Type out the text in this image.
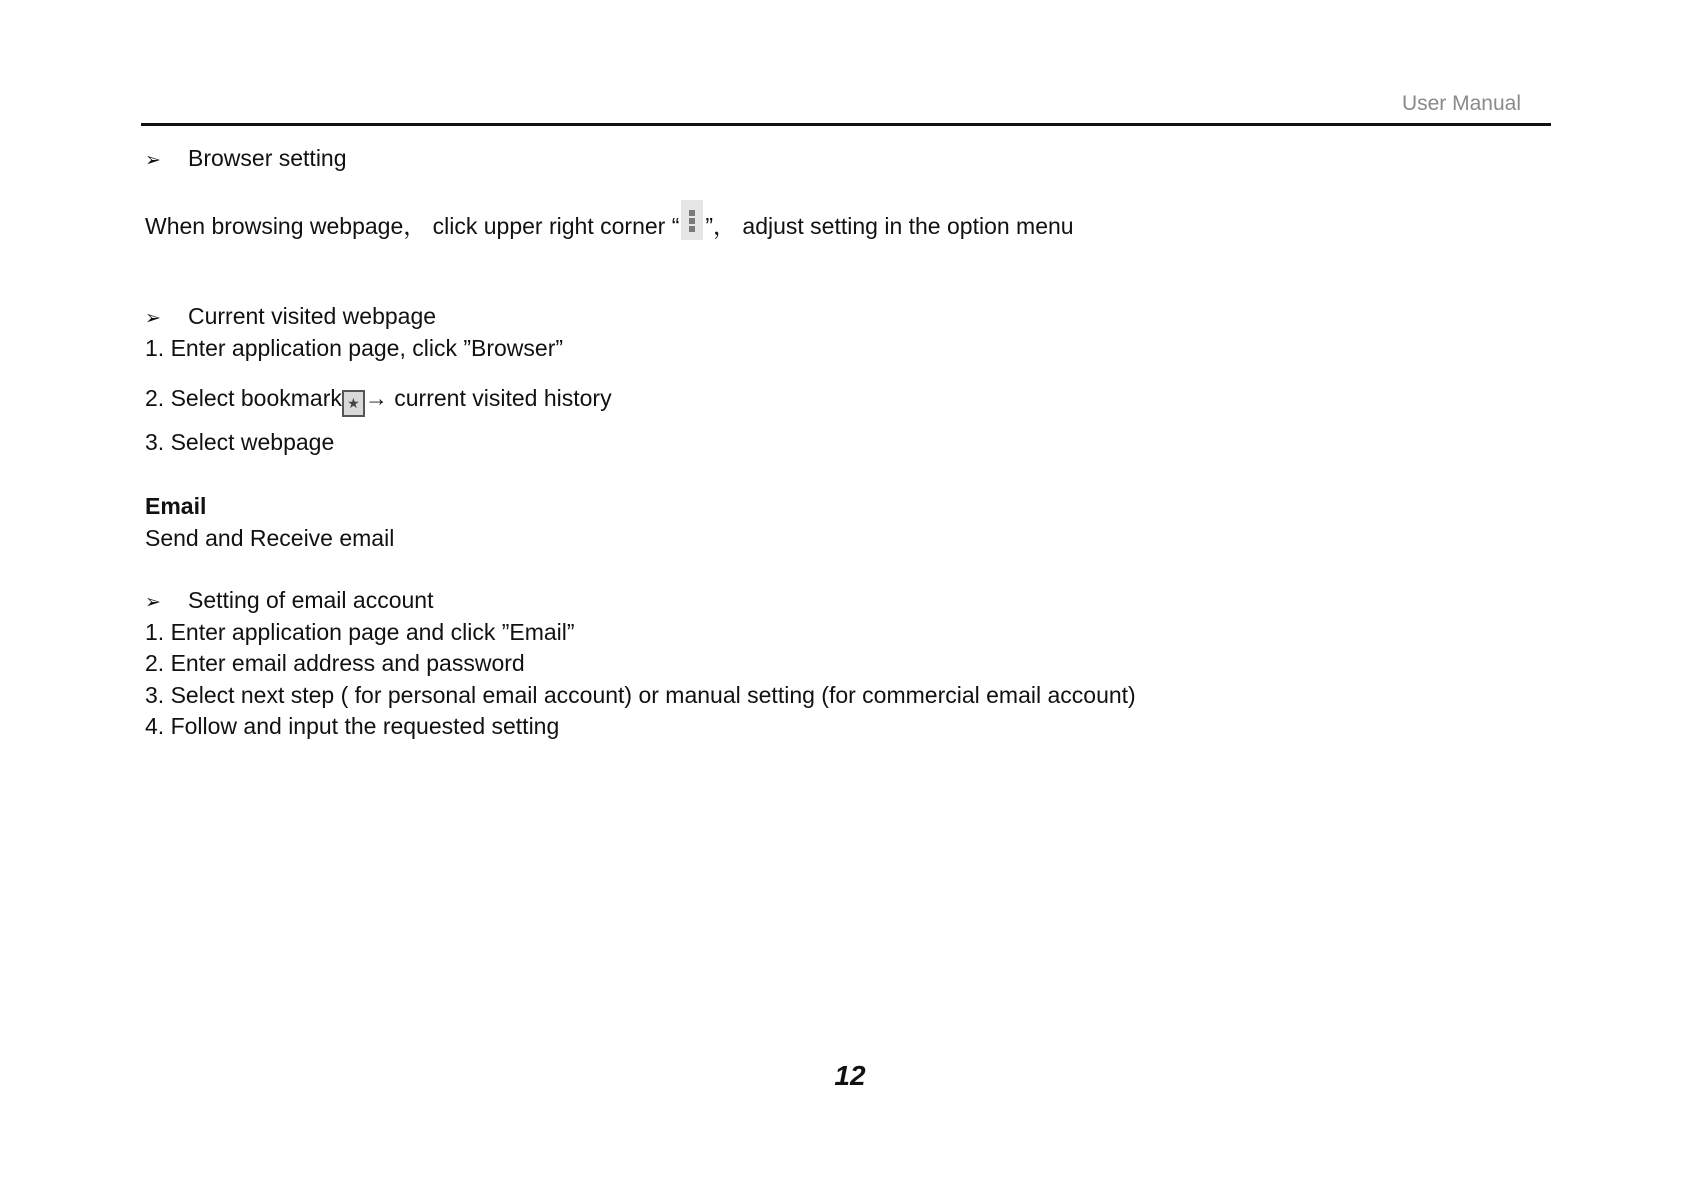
User Manual
➢ Browser setting
When browsing webpage， click upper right corner “ ”， adjust setting in the option menu
➢ Current visited webpage
1. Enter application page, click ”Browser”
2. Select bookmark ★ → current visited history
3. Select webpage
Email
Send and Receive email
➢ Setting of email account
1. Enter application page and click ”Email”
2. Enter email address and password
3. Select next step ( for personal email account) or manual setting (for commercial email account)
4. Follow and input the requested setting
12
